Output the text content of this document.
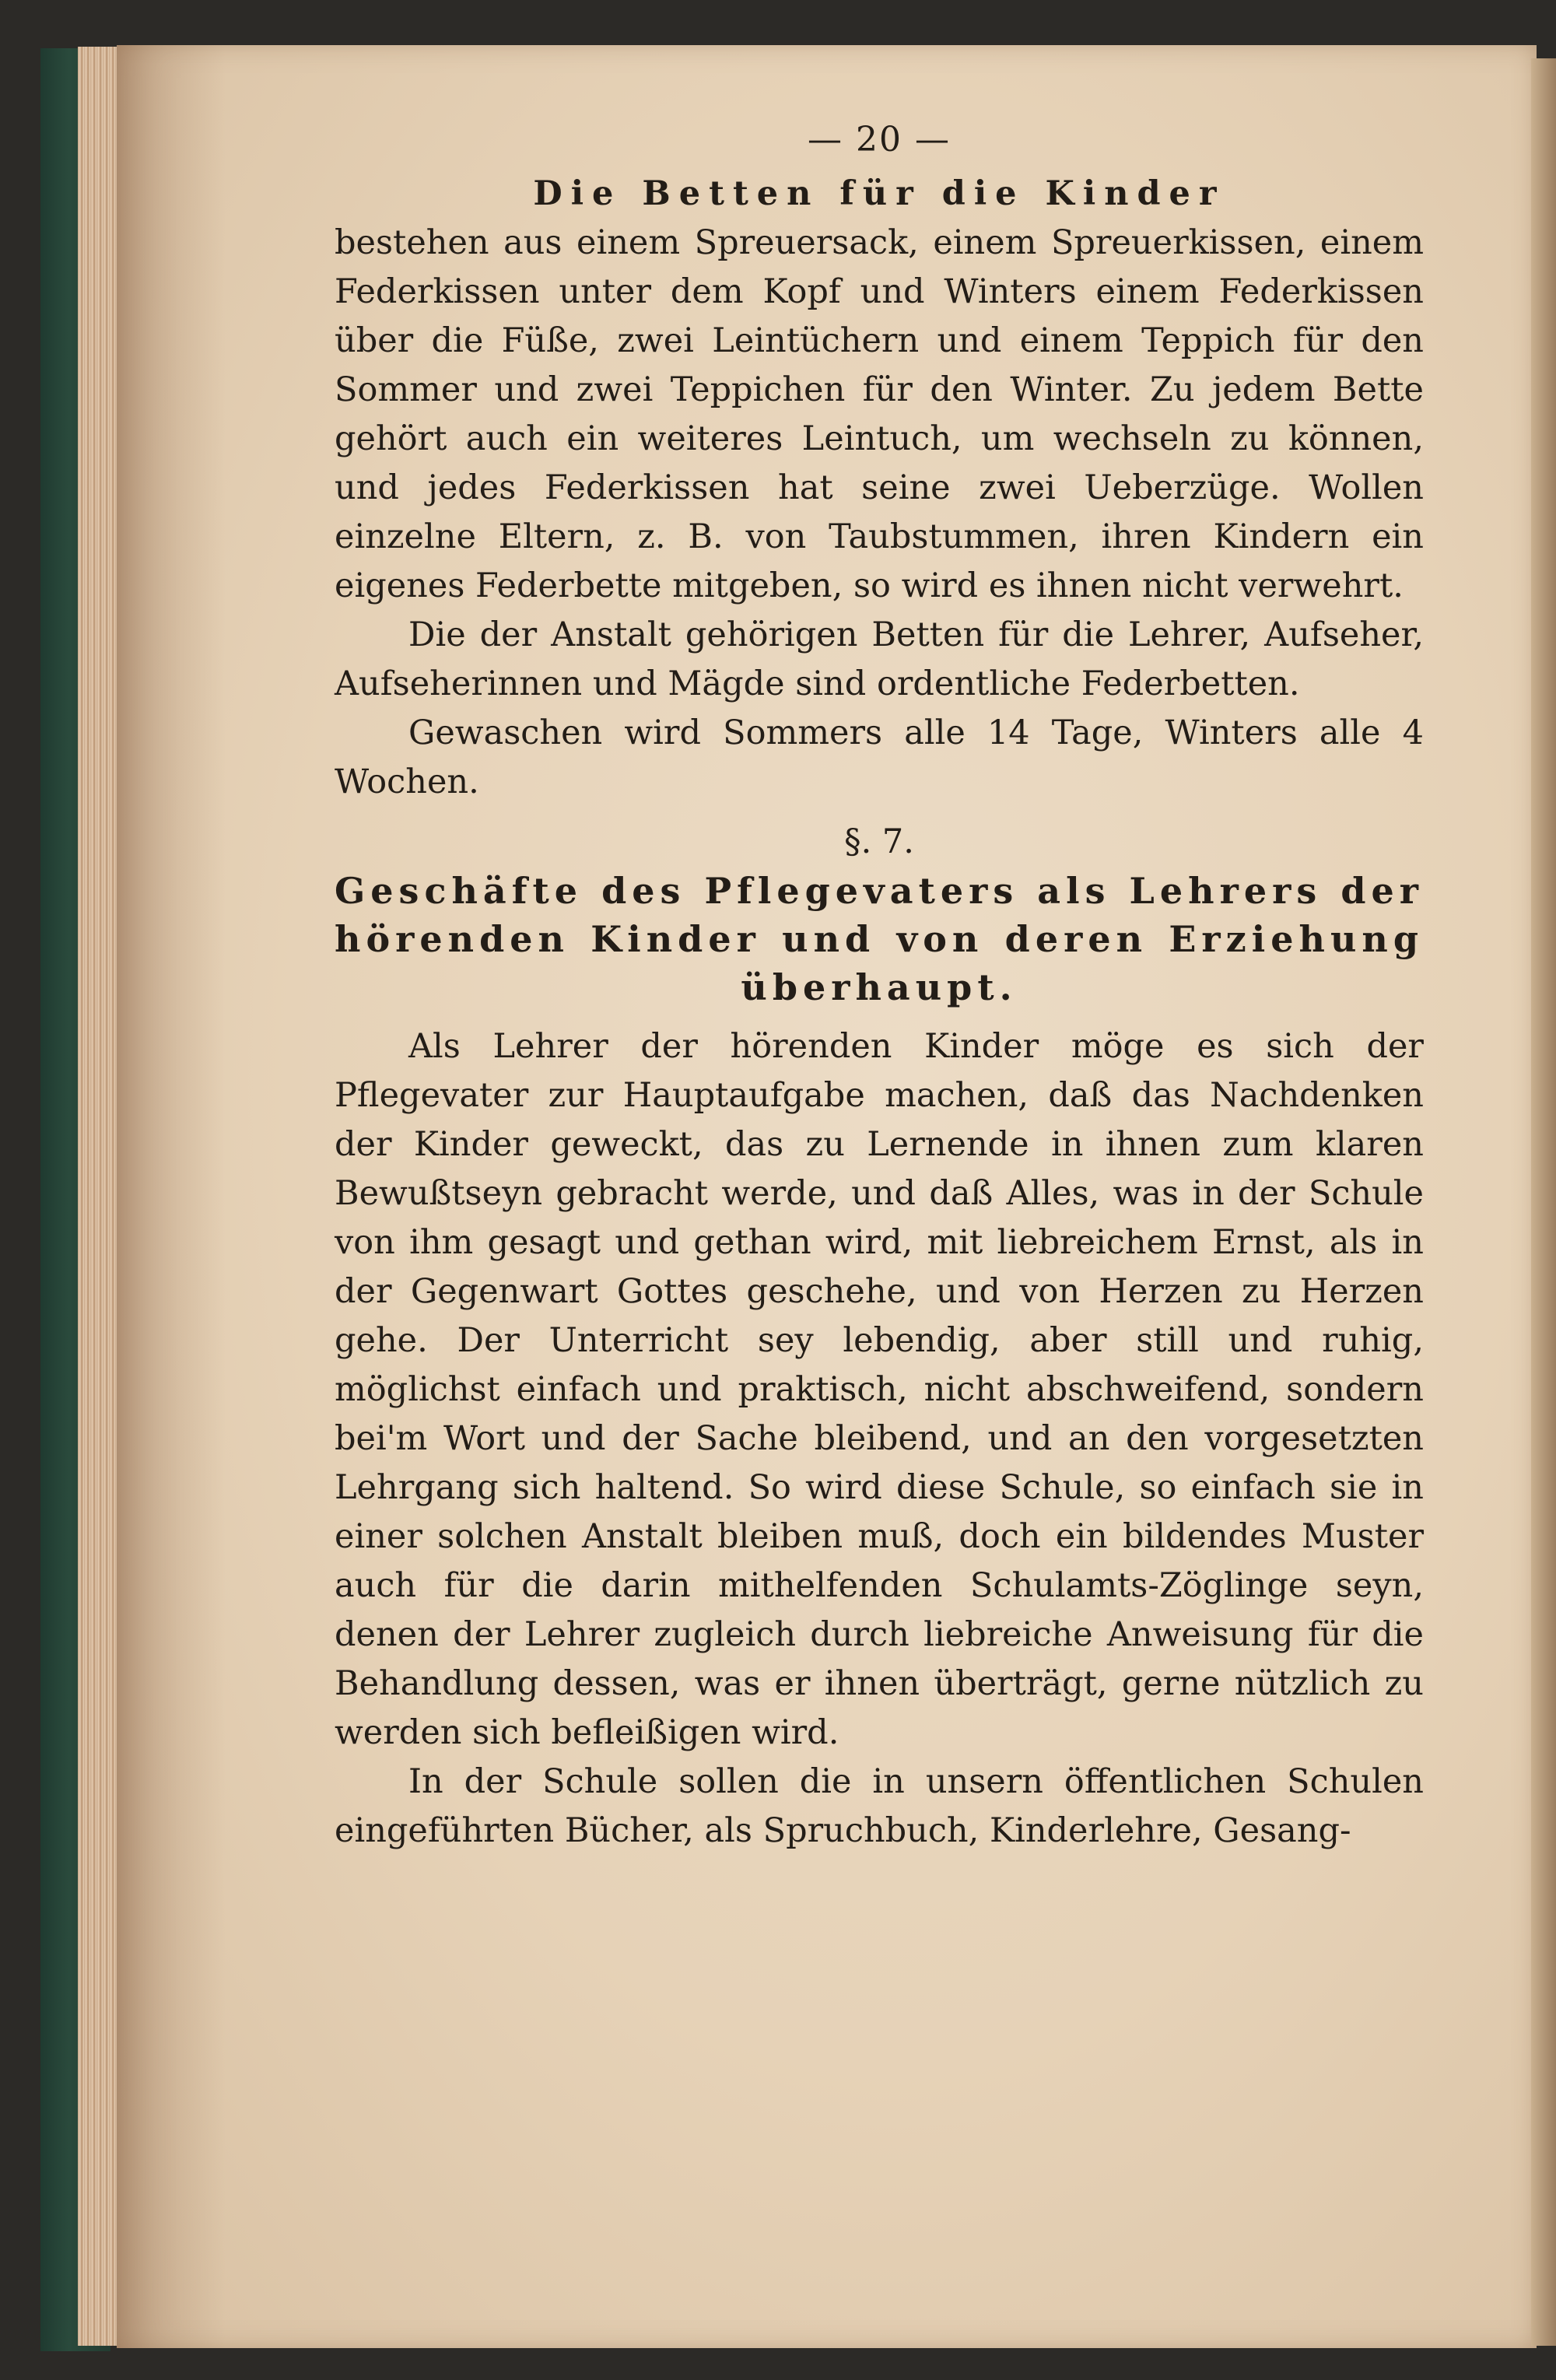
— 20 —

Die Betten für die Kinder

bestehen aus einem Spreuersack, einem Spreuerkissen, einem Federkissen unter dem Kopf und Winters einem Federkissen über die Füße, zwei Leintüchern und einem Teppich für den Sommer und zwei Teppichen für den Winter. Zu jedem Bette gehört auch ein weiteres Leintuch, um wechseln zu können, und jedes Federkissen hat seine zwei Ueberzüge. Wollen einzelne Eltern, z. B. von Taubstummen, ihren Kindern ein eigenes Federbette mitgeben, so wird es ihnen nicht verwehrt.

Die der Anstalt gehörigen Betten für die Lehrer, Aufseher, Aufseherinnen und Mägde sind ordentliche Federbetten.

Gewaschen wird Sommers alle 14 Tage, Winters alle 4 Wochen.

§. 7.

Geschäfte des Pflegevaters als Lehrers der hörenden Kinder und von deren Erziehung überhaupt.

Als Lehrer der hörenden Kinder möge es sich der Pflegevater zur Hauptaufgabe machen, daß das Nachdenken der Kinder geweckt, das zu Lernende in ihnen zum klaren Bewußtseyn gebracht werde, und daß Alles, was in der Schule von ihm gesagt und gethan wird, mit liebreichem Ernst, als in der Gegenwart Gottes geschehe, und von Herzen zu Herzen gehe. Der Unterricht sey lebendig, aber still und ruhig, möglichst einfach und praktisch, nicht abschweifend, sondern bei'm Wort und der Sache bleibend, und an den vorgesetzten Lehrgang sich haltend. So wird diese Schule, so einfach sie in einer solchen Anstalt bleiben muß, doch ein bildendes Muster auch für die darin mithelfenden Schulamts-Zöglinge seyn, denen der Lehrer zugleich durch liebreiche Anweisung für die Behandlung dessen, was er ihnen überträgt, gerne nützlich zu werden sich befleißigen wird.

In der Schule sollen die in unsern öffentlichen Schulen eingeführten Bücher, als Spruchbuch, Kinderlehre, Gesang-
